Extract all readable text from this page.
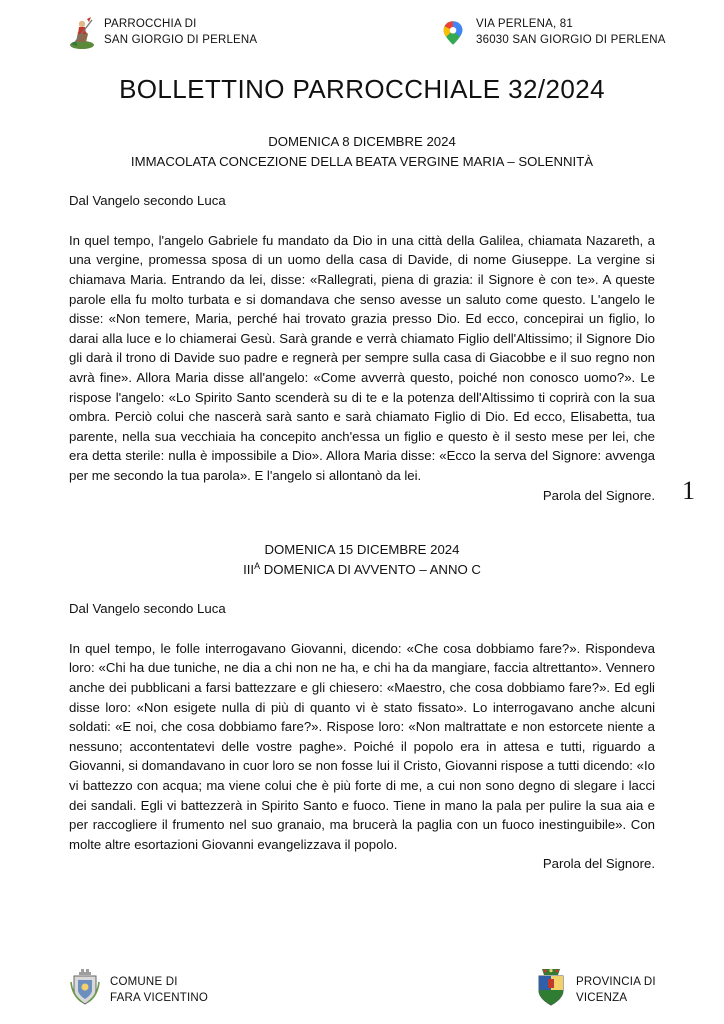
PARROCCHIA DI
SAN GIORGIO DI PERLENA
VIA PERLENA, 81
36030 SAN GIORGIO DI PERLENA
BOLLETTINO PARROCCHIALE 32/2024
1
DOMENICA 8 DICEMBRE 2024
IMMACOLATA CONCEZIONE DELLA BEATA VERGINE MARIA – SOLENNITÀ
Dal Vangelo secondo Luca
In quel tempo, l'angelo Gabriele fu mandato da Dio in una città della Galilea, chiamata Nazareth, a una vergine, promessa sposa di un uomo della casa di Davide, di nome Giuseppe. La vergine si chiamava Maria. Entrando da lei, disse: «Rallegrati, piena di grazia: il Signore è con te». A queste parole ella fu molto turbata e si domandava che senso avesse un saluto come questo. L'angelo le disse: «Non temere, Maria, perché hai trovato grazia presso Dio. Ed ecco, concepirai un figlio, lo darai alla luce e lo chiamerai Gesù. Sarà grande e verrà chiamato Figlio dell'Altissimo; il Signore Dio gli darà il trono di Davide suo padre e regnerà per sempre sulla casa di Giacobbe e il suo regno non avrà fine». Allora Maria disse all'angelo: «Come avverrà questo, poiché non conosco uomo?». Le rispose l'angelo: «Lo Spirito Santo scenderà su di te e la potenza dell'Altissimo ti coprirà con la sua ombra. Perciò colui che nascerà sarà santo e sarà chiamato Figlio di Dio. Ed ecco, Elisabetta, tua parente, nella sua vecchiaia ha concepito anch'essa un figlio e questo è il sesto mese per lei, che era detta sterile: nulla è impossibile a Dio». Allora Maria disse: «Ecco la serva del Signore: avvenga per me secondo la tua parola». E l'angelo si allontanò da lei.
Parola del Signore.
DOMENICA 15 DICEMBRE 2024
$III^A$ DOMENICA DI AVVENTO – ANNO C
Dal Vangelo secondo Luca
In quel tempo, le folle interrogavano Giovanni, dicendo: «Che cosa dobbiamo fare?». Rispondeva loro: «Chi ha due tuniche, ne dia a chi non ne ha, e chi ha da mangiare, faccia altrettanto». Vennero anche dei pubblicani a farsi battezzare e gli chiesero: «Maestro, che cosa dobbiamo fare?». Ed egli disse loro: «Non esigete nulla di più di quanto vi è stato fissato». Lo interrogavano anche alcuni soldati: «E noi, che cosa dobbiamo fare?». Rispose loro: «Non maltrattate e non estorcete niente a nessuno; accontentatevi delle vostre paghe». Poiché il popolo era in attesa e tutti, riguardo a Giovanni, si domandavano in cuor loro se non fosse lui il Cristo, Giovanni rispose a tutti dicendo: «Io vi battezzo con acqua; ma viene colui che è più forte di me, a cui non sono degno di slegare i lacci dei sandali. Egli vi battezzerà in Spirito Santo e fuoco. Tiene in mano la pala per pulire la sua aia e per raccogliere il frumento nel suo granaio, ma brucerà la paglia con un fuoco inestinguibile». Con molte altre esortazioni Giovanni evangelizzava il popolo.
Parola del Signore.
COMUNE DI
FARA VICENTINO
PROVINCIA DI
VICENZA
